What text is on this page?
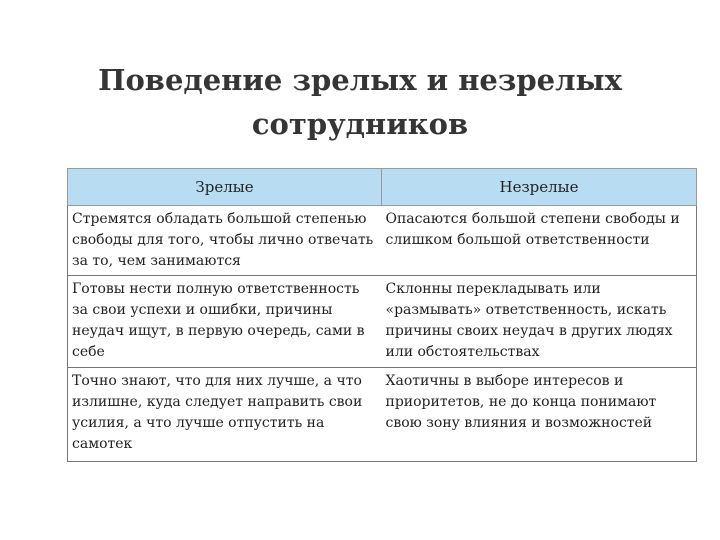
Поведение зрелых и незрелых
сотрудников
Зрелые	Незрелые
Стремятся обладать большой степенью свободы для того, чтобы лично отвечать за то, чем занимаются	Опасаются большой степени свободы и слишком большой ответственности
Готовы нести полную ответственность за свои успехи и ошибки, причины неудач ищут, в первую очередь, сами в себе	Склонны перекладывать или «размывать» ответственность, искать причины своих неудач в других людях или обстоятельствах
Точно знают, что для них лучше, а что излишне, куда следует направить свои усилия, а что лучше отпустить на самотек	Хаотичны в выборе интересов и приоритетов, не до конца понимают свою зону влияния и возможностей
